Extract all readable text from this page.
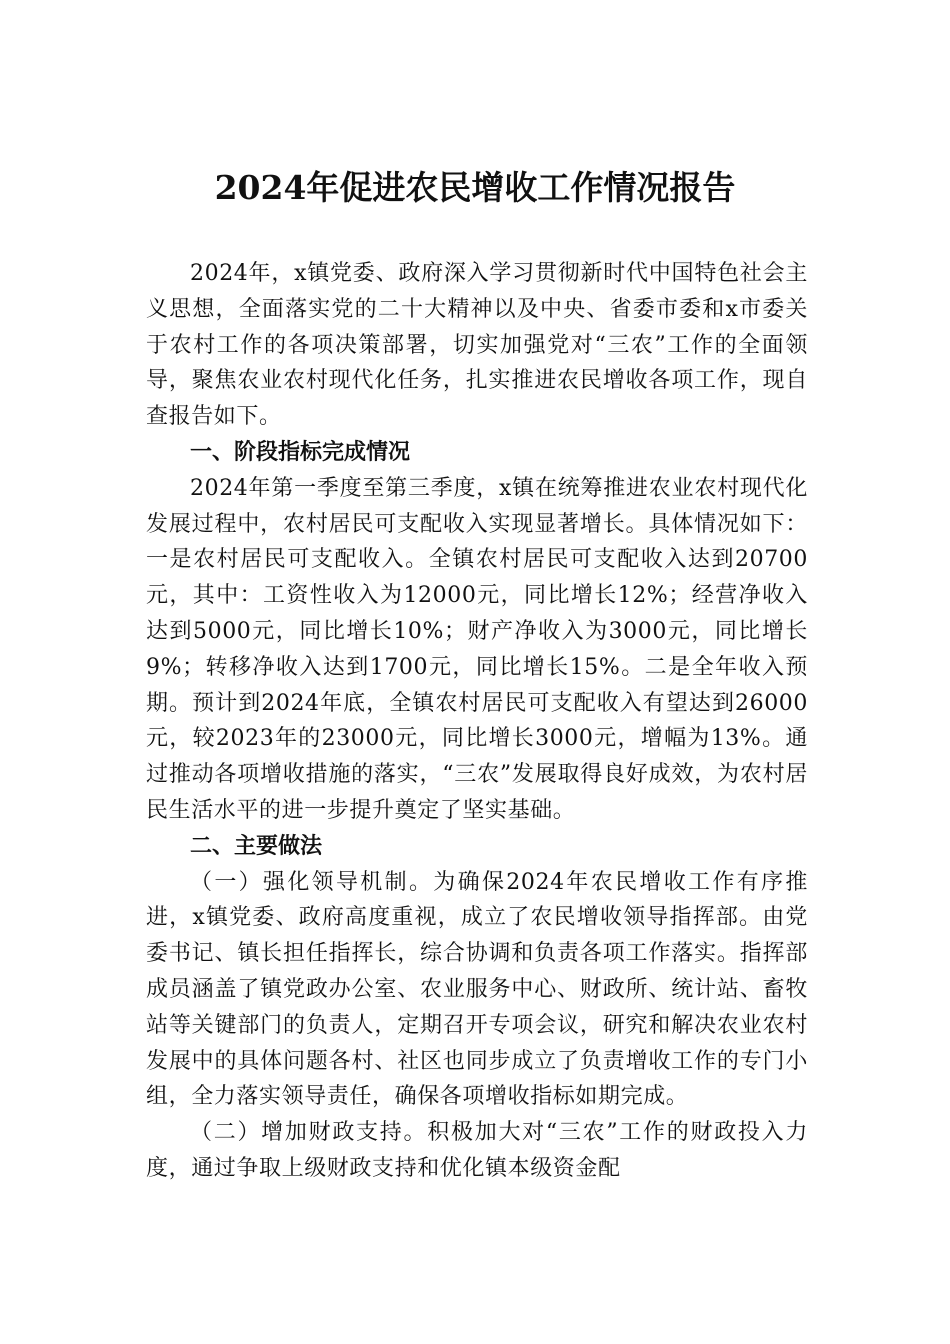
2024年促进农民增收工作情况报告

2024年，x镇党委、政府深入学习贯彻新时代中国特色社会主义思想，全面落实党的二十大精神以及中央、省委市委和x市委关于农村工作的各项决策部署，切实加强党对“三农”工作的全面领导，聚焦农业农村现代化任务，扎实推进农民增收各项工作，现自查报告如下。

一、阶段指标完成情况

2024年第一季度至第三季度，x镇在统筹推进农业农村现代化发展过程中，农村居民可支配收入实现显著增长。具体情况如下：一是农村居民可支配收入。全镇农村居民可支配收入达到20700元，其中：工资性收入为12000元，同比增长12%；经营净收入达到5000元，同比增长10%；财产净收入为3000元，同比增长9%；转移净收入达到1700元，同比增长15%。二是全年收入预期。预计到2024年底，全镇农村居民可支配收入有望达到26000元，较2023年的23000元，同比增长3000元，增幅为13%。通过推动各项增收措施的落实，“三农”发展取得良好成效，为农村居民生活水平的进一步提升奠定了坚实基础。

二、主要做法

（一）强化领导机制。为确保2024年农民增收工作有序推进，x镇党委、政府高度重视，成立了农民增收领导指挥部。由党委书记、镇长担任指挥长，综合协调和负责各项工作落实。指挥部成员涵盖了镇党政办公室、农业服务中心、财政所、统计站、畜牧站等关键部门的负责人，定期召开专项会议，研究和解决农业农村发展中的具体问题各村、社区也同步成立了负责增收工作的专门小组，全力落实领导责任，确保各项增收指标如期完成。

（二）增加财政支持。积极加大对“三农”工作的财政投入力度，通过争取上级财政支持和优化镇本级资金配
